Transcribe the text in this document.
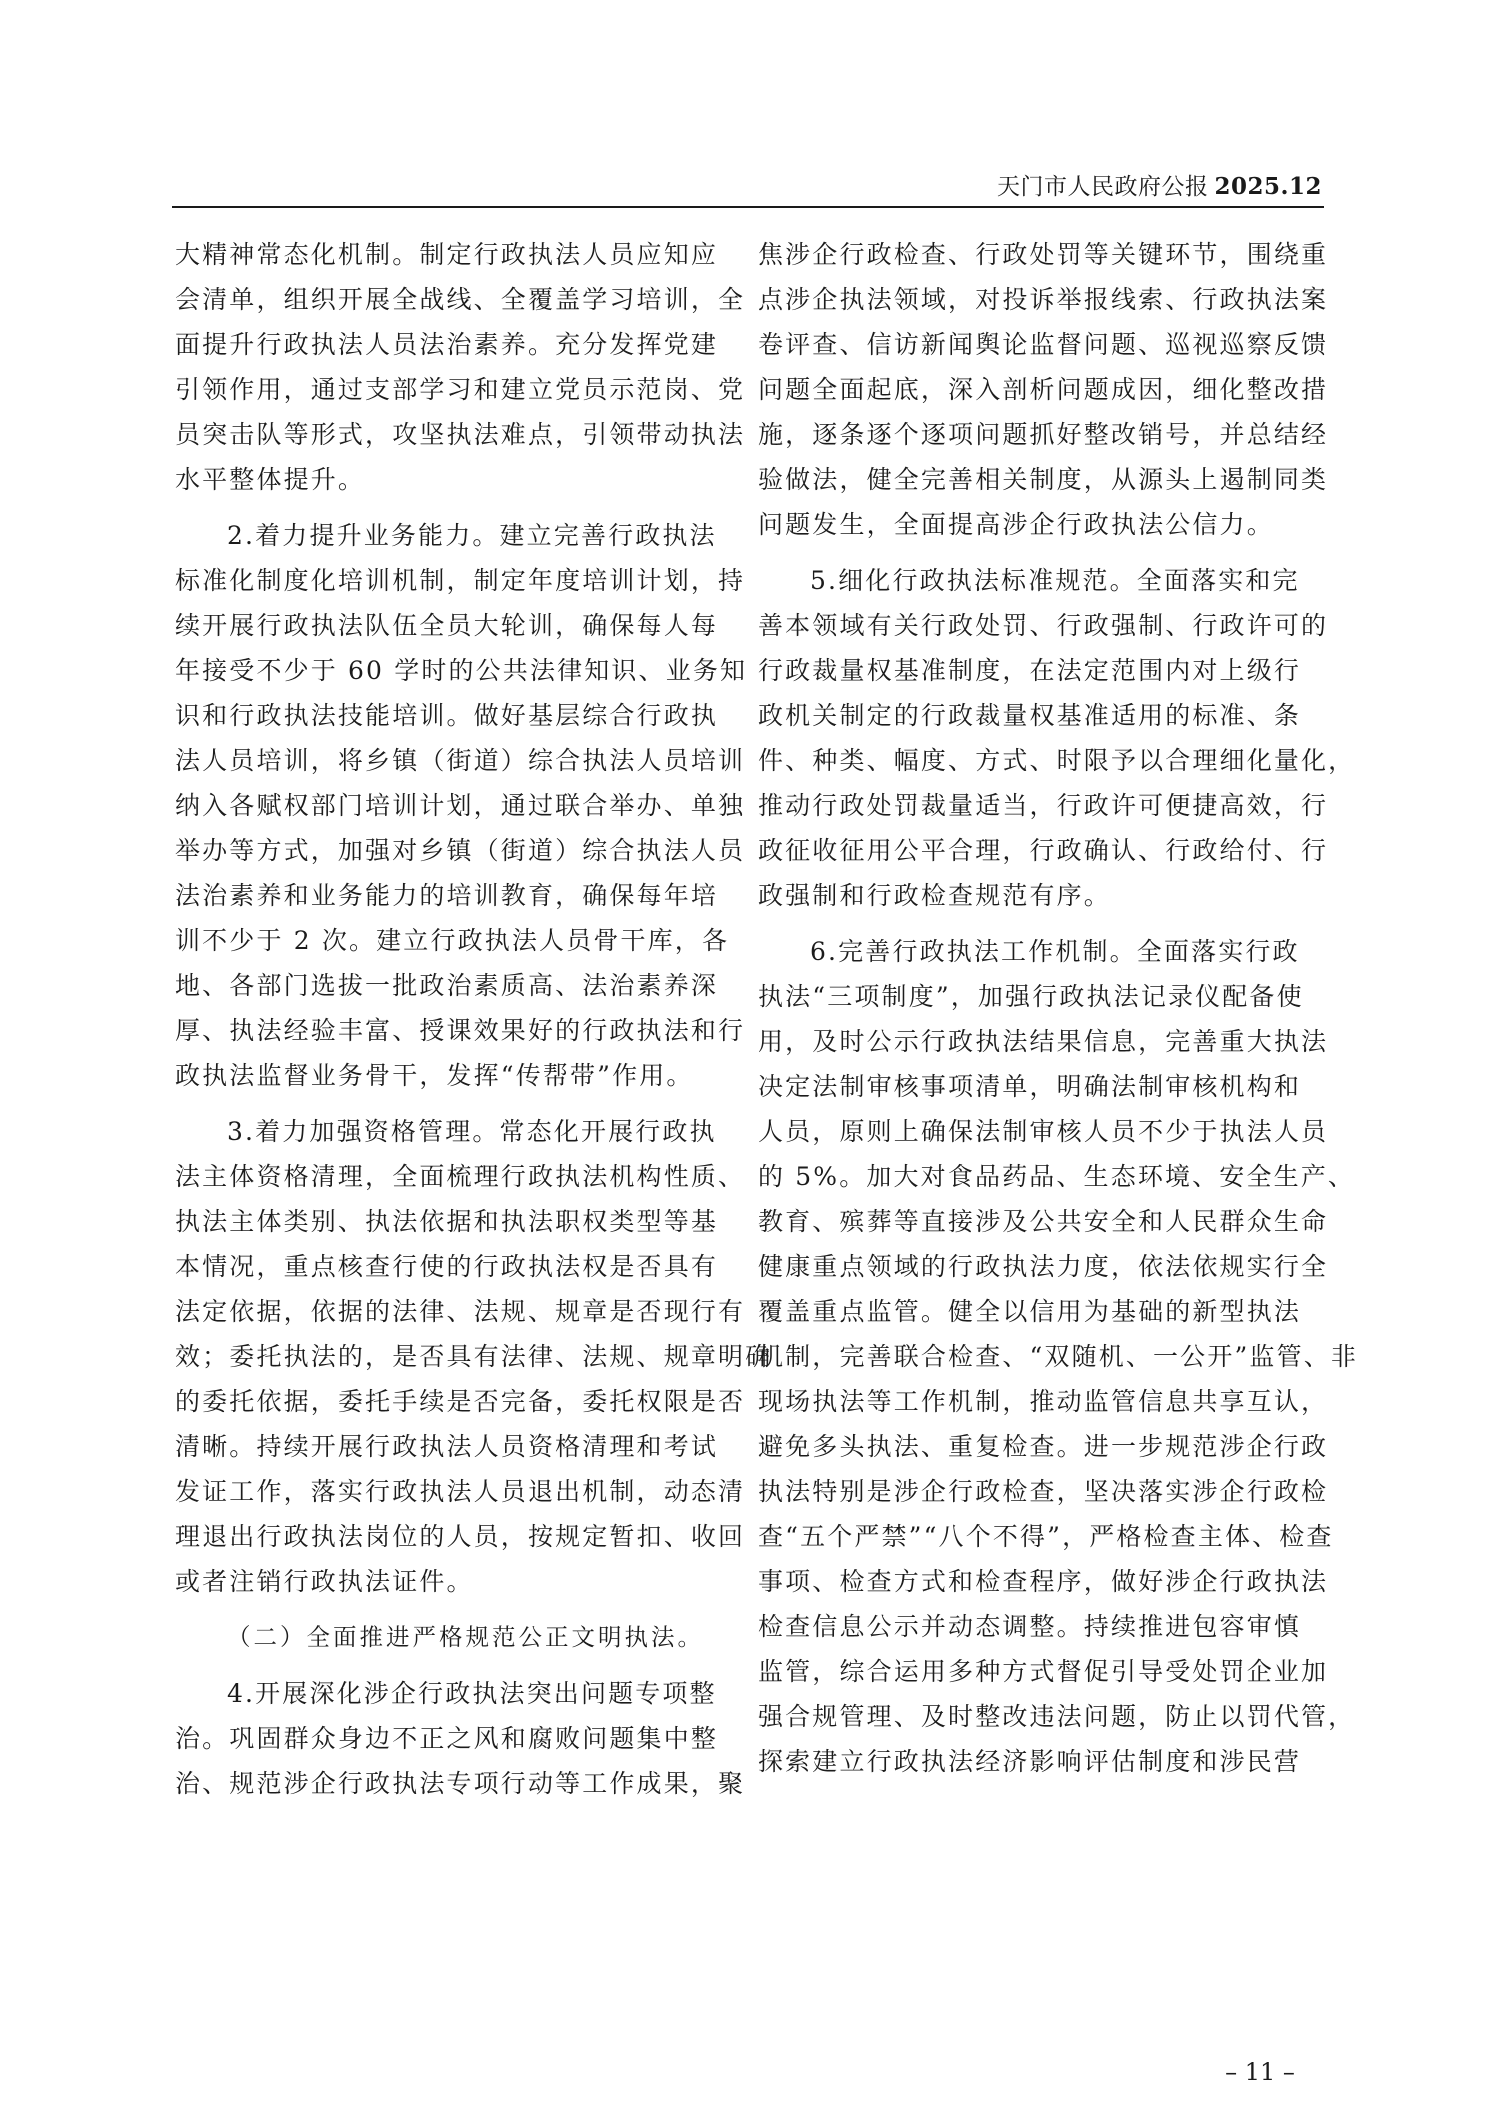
天门市人民政府公报 2025.12
大精神常态化机制。制定行政执法人员应知应
会清单，组织开展全战线、全覆盖学习培训，全
面提升行政执法人员法治素养。充分发挥党建
引领作用，通过支部学习和建立党员示范岗、党
员突击队等形式，攻坚执法难点，引领带动执法
水平整体提升。
2.着力提升业务能力。建立完善行政执法
标准化制度化培训机制，制定年度培训计划，持
续开展行政执法队伍全员大轮训，确保每人每
年接受不少于 60 学时的公共法律知识、业务知
识和行政执法技能培训。做好基层综合行政执
法人员培训，将乡镇（街道）综合执法人员培训
纳入各赋权部门培训计划，通过联合举办、单独
举办等方式，加强对乡镇（街道）综合执法人员
法治素养和业务能力的培训教育，确保每年培
训不少于 2 次。建立行政执法人员骨干库，各
地、各部门选拔一批政治素质高、法治素养深
厚、执法经验丰富、授课效果好的行政执法和行
政执法监督业务骨干，发挥“传帮带”作用。
3.着力加强资格管理。常态化开展行政执
法主体资格清理，全面梳理行政执法机构性质、
执法主体类别、执法依据和执法职权类型等基
本情况，重点核查行使的行政执法权是否具有
法定依据，依据的法律、法规、规章是否现行有
效；委托执法的，是否具有法律、法规、规章明确
的委托依据，委托手续是否完备，委托权限是否
清晰。持续开展行政执法人员资格清理和考试
发证工作，落实行政执法人员退出机制，动态清
理退出行政执法岗位的人员，按规定暂扣、收回
或者注销行政执法证件。
（二）全面推进严格规范公正文明执法。
4.开展深化涉企行政执法突出问题专项整
治。巩固群众身边不正之风和腐败问题集中整
治、规范涉企行政执法专项行动等工作成果，聚
焦涉企行政检查、行政处罚等关键环节，围绕重
点涉企执法领域，对投诉举报线索、行政执法案
卷评查、信访新闻舆论监督问题、巡视巡察反馈
问题全面起底，深入剖析问题成因，细化整改措
施，逐条逐个逐项问题抓好整改销号，并总结经
验做法，健全完善相关制度，从源头上遏制同类
问题发生，全面提高涉企行政执法公信力。
5.细化行政执法标准规范。全面落实和完
善本领域有关行政处罚、行政强制、行政许可的
行政裁量权基准制度，在法定范围内对上级行
政机关制定的行政裁量权基准适用的标准、条
件、种类、幅度、方式、时限予以合理细化量化，
推动行政处罚裁量适当，行政许可便捷高效，行
政征收征用公平合理，行政确认、行政给付、行
政强制和行政检查规范有序。
6.完善行政执法工作机制。全面落实行政
执法“三项制度”，加强行政执法记录仪配备使
用，及时公示行政执法结果信息，完善重大执法
决定法制审核事项清单，明确法制审核机构和
人员，原则上确保法制审核人员不少于执法人员
的 5%。加大对食品药品、生态环境、安全生产、
教育、殡葬等直接涉及公共安全和人民群众生命
健康重点领域的行政执法力度，依法依规实行全
覆盖重点监管。健全以信用为基础的新型执法
机制，完善联合检查、“双随机、一公开”监管、非
现场执法等工作机制，推动监管信息共享互认，
避免多头执法、重复检查。进一步规范涉企行政
执法特别是涉企行政检查，坚决落实涉企行政检
查“五个严禁”“八个不得”，严格检查主体、检查
事项、检查方式和检查程序，做好涉企行政执法
检查信息公示并动态调整。持续推进包容审慎
监管，综合运用多种方式督促引导受处罚企业加
强合规管理、及时整改违法问题，防止以罚代管，
探索建立行政执法经济影响评估制度和涉民营
– 11 –
